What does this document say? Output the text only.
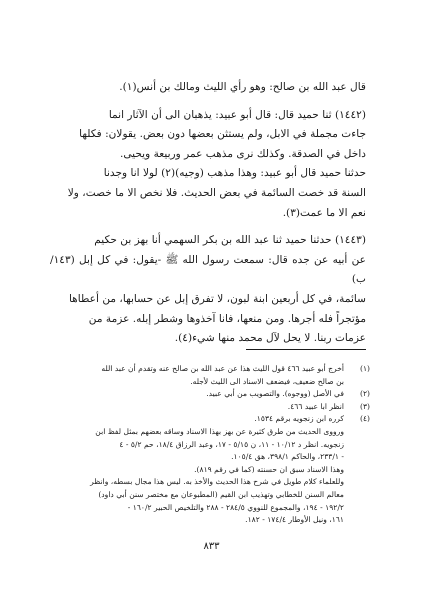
قال عبد الله بن صالح: وهو رأي الليث ومالك بن أنس(١).

(١٤٤٢) ثنا حميد قال: قال أبو عبيد: يذهبان الى أن الآثار انما

جاءت مجملة في الابل، ولم يستثن بعضها دون بعض. يقولان: فكلها

داخل في الصدقة. وكذلك نرى مذهب عمر وربيعة ويحيى.

حدثنا حميد قال أبو عبيد: وهذا مذهب (وجيه)(٢) لولا انا وجدنا

السنة قد خصت السائمة في بعض الحديث. فلا نخص الا ما خصت، ولا

نعم الا ما عمت(٣).

(١٤٤٣) حدثنا حميد ثنا عبد الله بن بكر السهمي أنا بهز بن حكيم

عن أبيه عن جده قال: سمعت رسول الله ﷺ -يقول: في كل إبل (١٤٣/ب)

سائمة، في كل أربعين ابنة لبون، لا تفرق إبل عن حسابها، من أعطاها

مؤتجراً فله أجرها. ومن منعها، فانا آخذوها وشطر إبله. عزمة من

عزمات ربنا. لا يحل لآل محمد منها شيء(٤).

(١)
أخرج أبو عبيد ٤٦٦ قول الليث هذا عن عبد الله بن صالح عنه وتقدم أن عبد الله
بن صالح ضعيف، فيضعف الاسناد الى الليث لأجله.
(٢)
في الأصل (ووجوه). والتصويب من أبي عبيد.
(٣)
انظر ابا عبيد ٤٦٦.
(٤)
كرره ابن زنجويه برقم ١٥٣٤.
ورووى الحديث من طرق كثيرة عن بهز بهذا الاسناد وساقه بعضهم بمثل لفظ ابن
زنجويه. انظر د ١٠/١٢ - ١١، ن ٥/١٥ - ١٧، وعبد الرزاق ١٨/٤، حم ٥/٢ - ٤
- ٢٣٣/١، والحاكم ٣٩٨/١، هق ١٠٥/٤.
وهذا الاسناد سبق ان حسنته (كما في رقم ٨١٩).
وللعلماء كلام طويل في شرح هذا الحديث والأخذ به. ليس هذا مجال بسطه، وانظر
معالم السنن للخطابي وتهذيب ابن القيم (المطبوعان مع مختصر سنن أبي داود)
١٩٢/٢ - ١٩٤، والمجموع للنووي ٢٨٤/٥ - ٢٨٨ والتلخيص الحبير ١٦٠/٢ -
١٦١، ونيل الأوطار ١٧٤/٤ - ١٨٢.
٨٣٣
